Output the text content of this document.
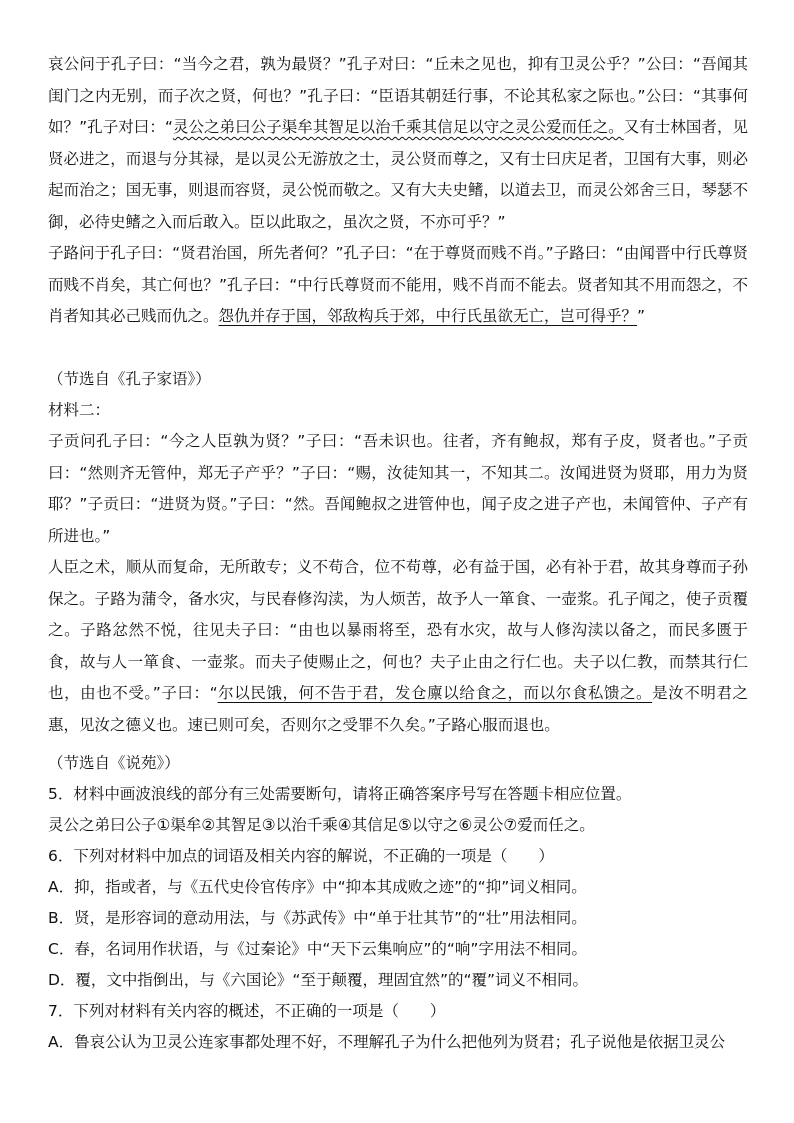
哀公问于孔子曰：“当今之君，孰为最贤？”孔子对曰：“丘未之见也，抑有卫灵公乎？”公曰：“吾闻其闺门之内无别，而子次之贤，何也？”孔子曰：“臣语其朝廷行事，不论其私家之际也。”公曰：“其事何如？”孔子对曰：“灵公之弟曰公子渠牟其智足以治千乘其信足以守之灵公爱而任之。又有士林国者，见贤必进之，而退与分其禄，是以灵公无游放之士，灵公贤而尊之，又有士曰庆足者，卫国有大事，则必起而治之；国无事，则退而容贤，灵公悦而敬之。又有大夫史鳍，以道去卫，而灵公郊舍三日，琴瑟不御，必待史鳍之入而后敢入。臣以此取之，虽次之贤，不亦可乎？”

子路问于孔子曰：“贤君治国，所先者何？”孔子曰：“在于尊贤而贱不肖。”子路曰：“由闻晋中行氏尊贤而贱不肖矣，其亡何也？”孔子曰：“中行氏尊贤而不能用，贱不肖而不能去。贤者知其不用而怨之，不肖者知其必己贱而仇之。怨仇并存于国，邻敌构兵于郊，中行氏虽欲无亡，岂可得乎？”

（节选自《孔子家语》）

材料二：

子贡问孔子曰：“今之人臣孰为贤？”子曰：“吾未识也。往者，齐有鲍叔，郑有子皮，贤者也。”子贡曰：“然则齐无管仲，郑无子产乎？”子曰：“赐，汝徒知其一，不知其二。汝闻进贤为贤耶，用力为贤耶？”子贡曰：“进贤为贤。”子曰：“然。吾闻鲍叔之进管仲也，闻子皮之进子产也，未闻管仲、子产有所进也。”

人臣之术，顺从而复命，无所敢专；义不苟合，位不苟尊，必有益于国，必有补于君，故其身尊而子孙保之。子路为蒲令，备水灾，与民春修沟渎，为人烦苦，故予人一箪食、一壶浆。孔子闻之，使子贡覆之。子路忿然不悦，往见夫子曰：“由也以暴雨将至，恐有水灾，故与人修沟渎以备之，而民多匮于食，故与人一箪食、一壶浆。而夫子使赐止之，何也？夫子止由之行仁也。夫子以仁教，而禁其行仁也，由也不受。”子曰：“尔以民饿，何不告于君，发仓廪以给食之，而以尔食私馈之。是汝不明君之惠，见汝之德义也。速已则可矣，否则尔之受罪不久矣。”子路心服而退也。

（节选自《说苑》）

5．材料中画波浪线的部分有三处需要断句，请将正确答案序号写在答题卡相应位置。

灵公之弟曰公子①渠牟②其智足③以治千乘④其信足⑤以守之⑥灵公⑦爱而任之。

6．下列对材料中加点的词语及相关内容的解说，不正确的一项是（　　）

A．抑，指或者，与《五代史伶官传序》中“抑本其成败之迹”的“抑”词义相同。

B．贤，是形容词的意动用法，与《苏武传》中“单于壮其节”的“壮”用法相同。

C．春，名词用作状语，与《过秦论》中“天下云集响应”的“响”字用法不相同。

D．覆，文中指倒出，与《六国论》“至于颠覆，理固宜然”的“覆”词义不相同。

7．下列对材料有关内容的概述，不正确的一项是（　　）

A．鲁哀公认为卫灵公连家事都处理不好，不理解孔子为什么把他列为贤君；孔子说他是依据卫灵公
